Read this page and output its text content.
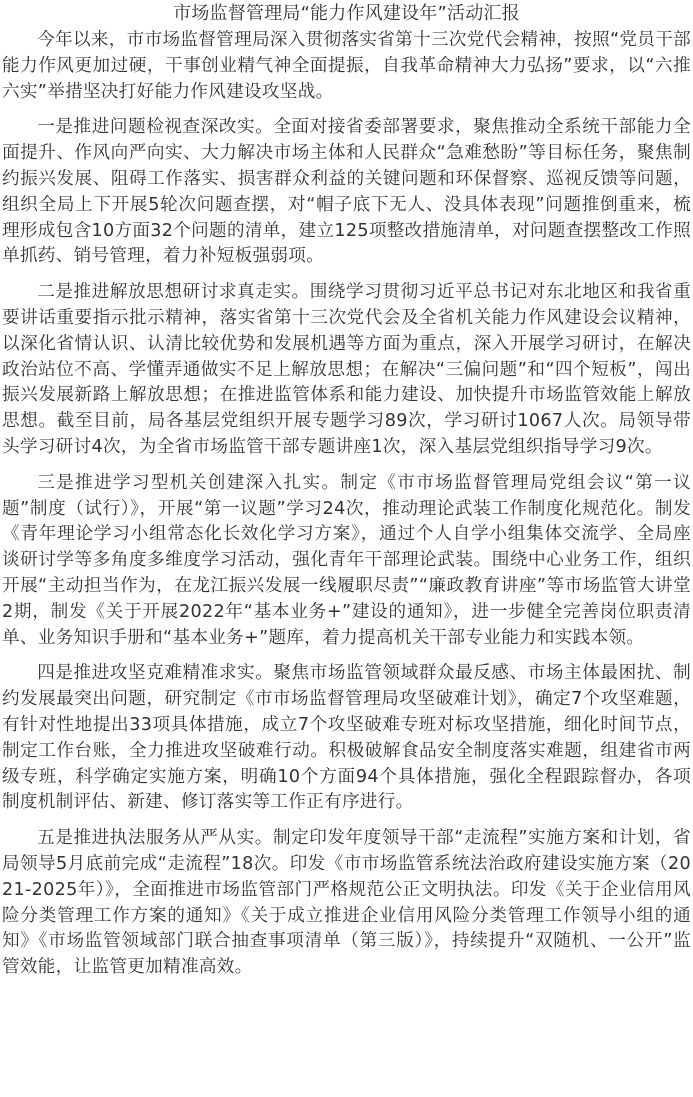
市场监督管理局“能力作风建设年”活动汇报

今年以来，市市场监督管理局深入贯彻落实省第十三次党代会精神，按照“党员干部能力作风更加过硬，干事创业精气神全面提振，自我革命精神大力弘扬”要求，以“六推六实”举措坚决打好能力作风建设攻坚战。

一是推进问题检视查深改实。全面对接省委部署要求，聚焦推动全系统干部能力全面提升、作风向严向实、大力解决市场主体和人民群众“急难愁盼”等目标任务，聚焦制约振兴发展、阻碍工作落实、损害群众利益的关键问题和环保督察、巡视反馈等问题，组织全局上下开展5轮次问题查摆，对“帽子底下无人、没具体表现”问题推倒重来，梳理形成包含10方面32个问题的清单，建立125项整改措施清单，对问题查摆整改工作照单抓药、销号管理，着力补短板强弱项。

二是推进解放思想研讨求真走实。围绕学习贯彻习近平总书记对东北地区和我省重要讲话重要指示批示精神，落实省第十三次党代会及全省机关能力作风建设会议精神，以深化省情认识、认清比较优势和发展机遇等方面为重点，深入开展学习研讨，在解决政治站位不高、学懂弄通做实不足上解放思想；在解决“三偏问题”和“四个短板”，闯出振兴发展新路上解放思想；在推进监管体系和能力建设、加快提升市场监管效能上解放思想。截至目前，局各基层党组织开展专题学习89次，学习研讨1067人次。局领导带头学习研讨4次，为全省市场监管干部专题讲座1次，深入基层党组织指导学习9次。

三是推进学习型机关创建深入扎实。制定《市市场监督管理局党组会议“第一议题”制度（试行）》，开展“第一议题”学习24次，推动理论武装工作制度化规范化。制发《青年理论学习小组常态化长效化学习方案》，通过个人自学小组集体交流学、全局座谈研讨学等多角度多维度学习活动，强化青年干部理论武装。围绕中心业务工作，组织开展“主动担当作为，在龙江振兴发展一线履职尽责”“廉政教育讲座”等市场监管大讲堂2期，制发《关于开展2022年“基本业务+”建设的通知》，进一步健全完善岗位职责清单、业务知识手册和“基本业务+”题库，着力提高机关干部专业能力和实践本领。

四是推进攻坚克难精准求实。聚焦市场监管领域群众最反感、市场主体最困扰、制约发展最突出问题，研究制定《市市场监督管理局攻坚破难计划》，确定7个攻坚难题，有针对性地提出33项具体措施，成立7个攻坚破难专班对标攻坚措施，细化时间节点，制定工作台账，全力推进攻坚破难行动。积极破解食品安全制度落实难题，组建省市两级专班，科学确定实施方案，明确10个方面94个具体措施，强化全程跟踪督办，各项制度机制评估、新建、修订落实等工作正有序进行。

五是推进执法服务从严从实。制定印发年度领导干部“走流程”实施方案和计划，省局领导5月底前完成“走流程”18次。印发《市市场监管系统法治政府建设实施方案（2021-2025年）》，全面推进市场监管部门严格规范公正文明执法。印发《关于企业信用风险分类管理工作方案的通知》《关于成立推进企业信用风险分类管理工作领导小组的通知》《市场监管领域部门联合抽查事项清单（第三版）》，持续提升“双随机、一公开”监管效能，让监管更加精准高效。
